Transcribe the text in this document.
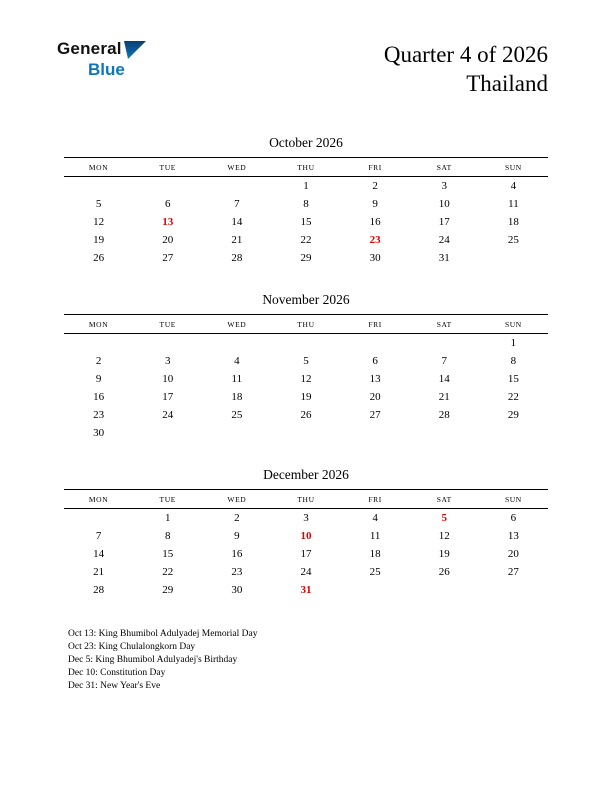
General
Blue
Quarter 4 of 2026
Thailand
October 2026
MON	TUE	WED	THU	FRI	SAT	SUN
			1	2	3	4
5	6	7	8	9	10	11
12	13	14	15	16	17	18
19	20	21	22	23	24	25
26	27	28	29	30	31	
November 2026
MON	TUE	WED	THU	FRI	SAT	SUN
						1
2	3	4	5	6	7	8
9	10	11	12	13	14	15
16	17	18	19	20	21	22
23	24	25	26	27	28	29
30						
December 2026
MON	TUE	WED	THU	FRI	SAT	SUN
	1	2	3	4	5	6
7	8	9	10	11	12	13
14	15	16	17	18	19	20
21	22	23	24	25	26	27
28	29	30	31			
Oct 13: King Bhumibol Adulyadej Memorial Day
Oct 23: King Chulalongkorn Day
Dec 5: King Bhumibol Adulyadej's Birthday
Dec 10: Constitution Day
Dec 31: New Year's Eve
